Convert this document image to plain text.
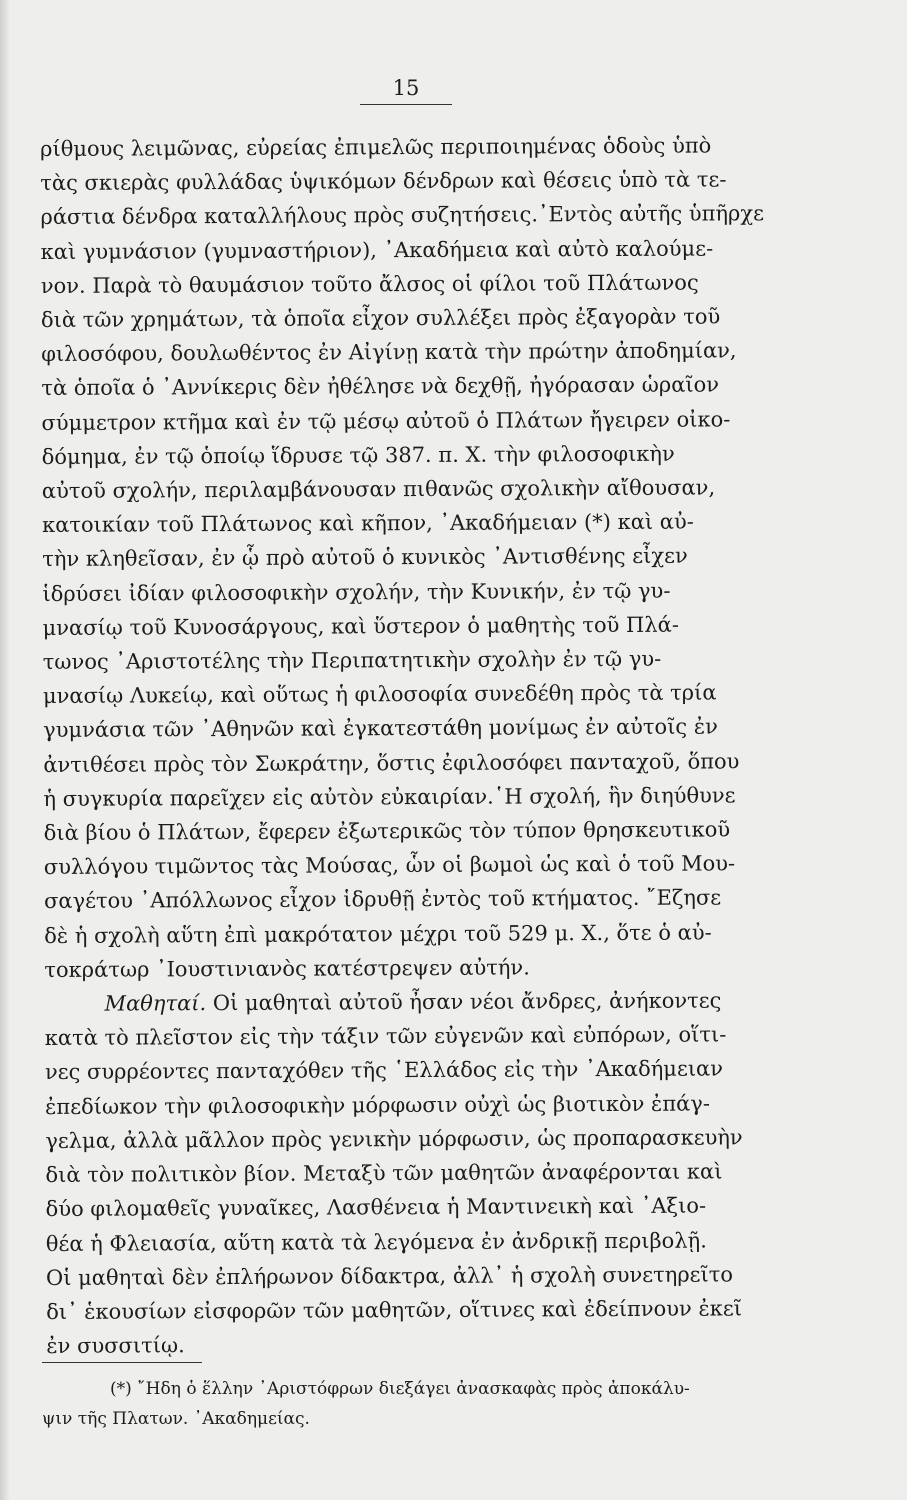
15
ρίθμους λειμῶνας, εὐρείας ἐπιμελῶς περιποιημένας ὁδοὺς ὑπὸ
τὰς σκιερὰς φυλλάδας ὑψικόμων δένδρων καὶ θέσεις ὑπὸ τὰ τε-
ράστια δένδρα καταλλήλους πρὸς συζητήσεις.᾿Εντὸς αὐτῆς ὑπῆρχε
καὶ γυμνάσιον (γυμναστήριον), ᾿Ακαδήμεια καὶ αὐτὸ καλούμε-
νον. Παρὰ τὸ θαυμάσιον τοῦτο ἄλσος οἱ φίλοι τοῦ Πλάτωνος
διὰ τῶν χρημάτων, τὰ ὁποῖα εἶχον συλλέξει πρὸς ἐξαγορὰν τοῦ
φιλοσόφου, δουλωθέντος ἐν Αἰγίνῃ κατὰ τὴν πρώτην ἀποδημίαν,
τὰ ὁποῖα ὁ ᾿Αννίκερις δὲν ἠθέλησε νὰ δεχθῇ, ἠγόρασαν ὡραῖον
σύμμετρον κτῆμα καὶ ἐν τῷ μέσῳ αὐτοῦ ὁ Πλάτων ἤγειρεν οἰκο-
δόμημα, ἐν τῷ ὁποίῳ ἵδρυσε τῷ 387. π. Χ. τὴν φιλοσοφικὴν
αὐτοῦ σχολήν, περιλαμβάνουσαν πιθανῶς σχολικὴν αἴθουσαν,
κατοικίαν τοῦ Πλάτωνος καὶ κῆπον, ᾿Ακαδήμειαν (*) καὶ αὐ-
τὴν κληθεῖσαν, ἐν ᾧ πρὸ αὐτοῦ ὁ κυνικὸς ᾿Αντισθένης εἶχεν
ἱδρύσει ἰδίαν φιλοσοφικὴν σχολήν, τὴν Κυνικήν, ἐν τῷ γυ-
μνασίῳ τοῦ Κυνοσάργους, καὶ ὕστερον ὁ μαθητὴς τοῦ Πλά-
τωνος ᾿Αριστοτέλης τὴν Περιπατητικὴν σχολὴν ἐν τῷ γυ-
μνασίῳ Λυκείῳ, καὶ οὕτως ἡ φιλοσοφία συνεδέθη πρὸς τὰ τρία
γυμνάσια τῶν ᾿Αθηνῶν καὶ ἐγκατεστάθη μονίμως ἐν αὐτοῖς ἐν
ἀντιθέσει πρὸς τὸν Σωκράτην, ὅστις ἐφιλοσόφει πανταχοῦ, ὅπου
ἡ συγκυρία παρεῖχεν εἰς αὐτὸν εὐκαιρίαν.῾Η σχολή, ἣν διηύθυνε
διὰ βίου ὁ Πλάτων, ἔφερεν ἐξωτερικῶς τὸν τύπον θρησκευτικοῦ
συλλόγου τιμῶντος τὰς Μούσας, ὧν οἱ βωμοὶ ὡς καὶ ὁ τοῦ Μου-
σαγέτου ᾿Απόλλωνος εἶχον ἱδρυθῇ ἐντὸς τοῦ κτήματος. ῎Εζησε
δὲ ἡ σχολὴ αὕτη ἐπὶ μακρότατον μέχρι τοῦ 529 μ. Χ., ὅτε ὁ αὐ-
τοκράτωρ ᾿Ιουστινιανὸς κατέστρεψεν αὐτήν.
Μαθηταί. Οἱ μαθηταὶ αὐτοῦ ἦσαν νέοι ἄνδρες, ἀνήκοντες
κατὰ τὸ πλεῖστον εἰς τὴν τάξιν τῶν εὐγενῶν καὶ εὐπόρων, οἵτι-
νες συρρέοντες πανταχόθεν τῆς ῾Ελλάδος εἰς τὴν ᾿Ακαδήμειαν
ἐπεδίωκον τὴν φιλοσοφικὴν μόρφωσιν οὐχὶ ὡς βιοτικὸν ἐπάγ-
γελμα, ἀλλὰ μᾶλλον πρὸς γενικὴν μόρφωσιν, ὡς προπαρασκευὴν
διὰ τὸν πολιτικὸν βίον. Μεταξὺ τῶν μαθητῶν ἀναφέρονται καὶ
δύο φιλομαθεῖς γυναῖκες, Λασθένεια ἡ Μαντινεικὴ καὶ ᾿Αξιο-
θέα ἡ Φλειασία, αὕτη κατὰ τὰ λεγόμενα ἐν ἀνδρικῇ περιβολῇ.
Οἱ μαθηταὶ δὲν ἐπλήρωνον δίδακτρα, ἀλλ᾿ ἡ σχολὴ συνετηρεῖτο
δι᾿ ἑκουσίων εἰσφορῶν τῶν μαθητῶν, οἵτινες καὶ ἐδείπνουν ἐκεῖ
ἐν συσσιτίῳ.
(*) ῎Ηδη ὁ ἕλλην ᾿Αριστόφρων διεξάγει ἀνασκαφὰς πρὸς ἀποκάλυ-
ψιν τῆς Πλατων. ᾿Ακαδημείας.
